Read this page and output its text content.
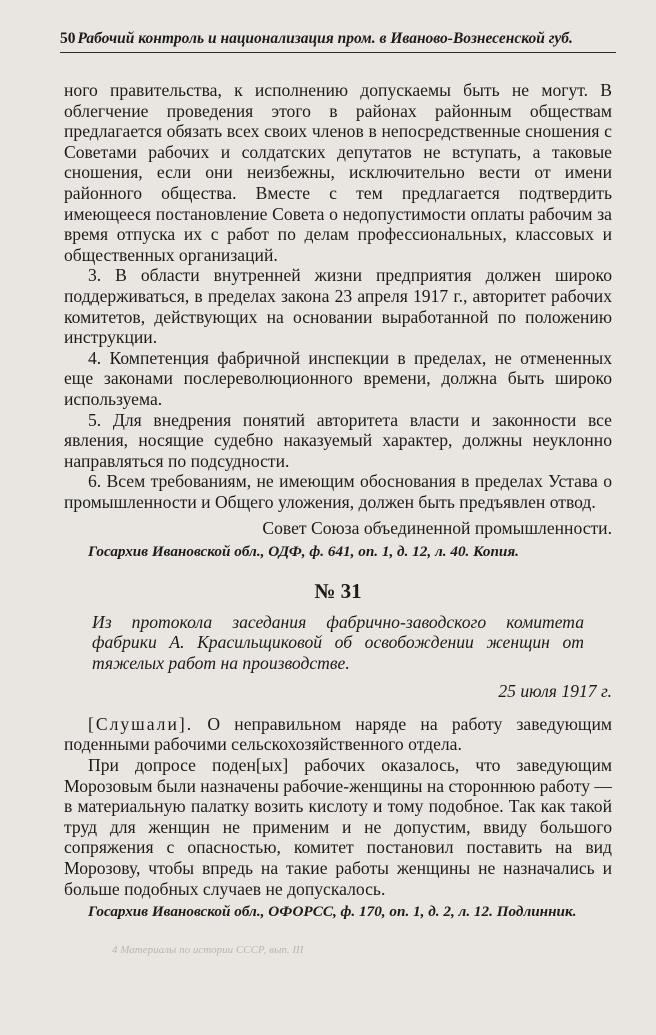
50 Рабочий контроль и национализация пром. в Иваново-Вознесенской губ.

ного правительства, к исполнению допускаемы быть не могут. В облегчение проведения этого в районах районным обществам предлагается обязать всех своих членов в непосредственные сношения с Советами рабочих и солдатских депутатов не вступать, а таковые сношения, если они неизбежны, исключительно вести от имени районного общества. Вместе с тем предлагается подтвердить имеющееся постановление Совета о недопустимости оплаты рабочим за время отпуска их с работ по делам профессиональных, классовых и общественных организаций.

3. В области внутренней жизни предприятия должен широко поддерживаться, в пределах закона 23 апреля 1917 г., авторитет рабочих комитетов, действующих на основании выработанной по положению инструкции.

4. Компетенция фабричной инспекции в пределах, не отмененных еще законами послереволюционного времени, должна быть широко используема.

5. Для внедрения понятий авторитета власти и законности все явления, носящие судебно наказуемый характер, должны неуклонно направляться по подсудности.

6. Всем требованиям, не имеющим обоснования в пределах Устава о промышленности и Общего уложения, должен быть предъявлен отвод.

Совет Союза объединенной промышленности.

Госархив Ивановской обл., ОДФ, ф. 641, оп. 1, д. 12, л. 40. Копия.

№ 31

Из протокола заседания фабрично-заводского комитета фабрики А. Красильщиковой об освобождении женщин от тяжелых работ на производстве.

25 июля 1917 г.

[Слушали]. О неправильном наряде на работу заведующим поденными рабочими сельскохозяйственного отдела.

При допросе поден[ых] рабочих оказалось, что заведующим Морозовым были назначены рабочие-женщины на стороннюю работу — в материальную палатку возить кислоту и тому подобное. Так как такой труд для женщин не применим и не допустим, ввиду большого сопряжения с опасностью, комитет постановил поставить на вид Морозову, чтобы впредь на такие работы женщины не назначались и больше подобных случаев не допускалось.

Госархив Ивановской обл., ОФОРСС, ф. 170, оп. 1, д. 2, л. 12. Подлинник.

4 Материалы по истории СССР, вып. III
